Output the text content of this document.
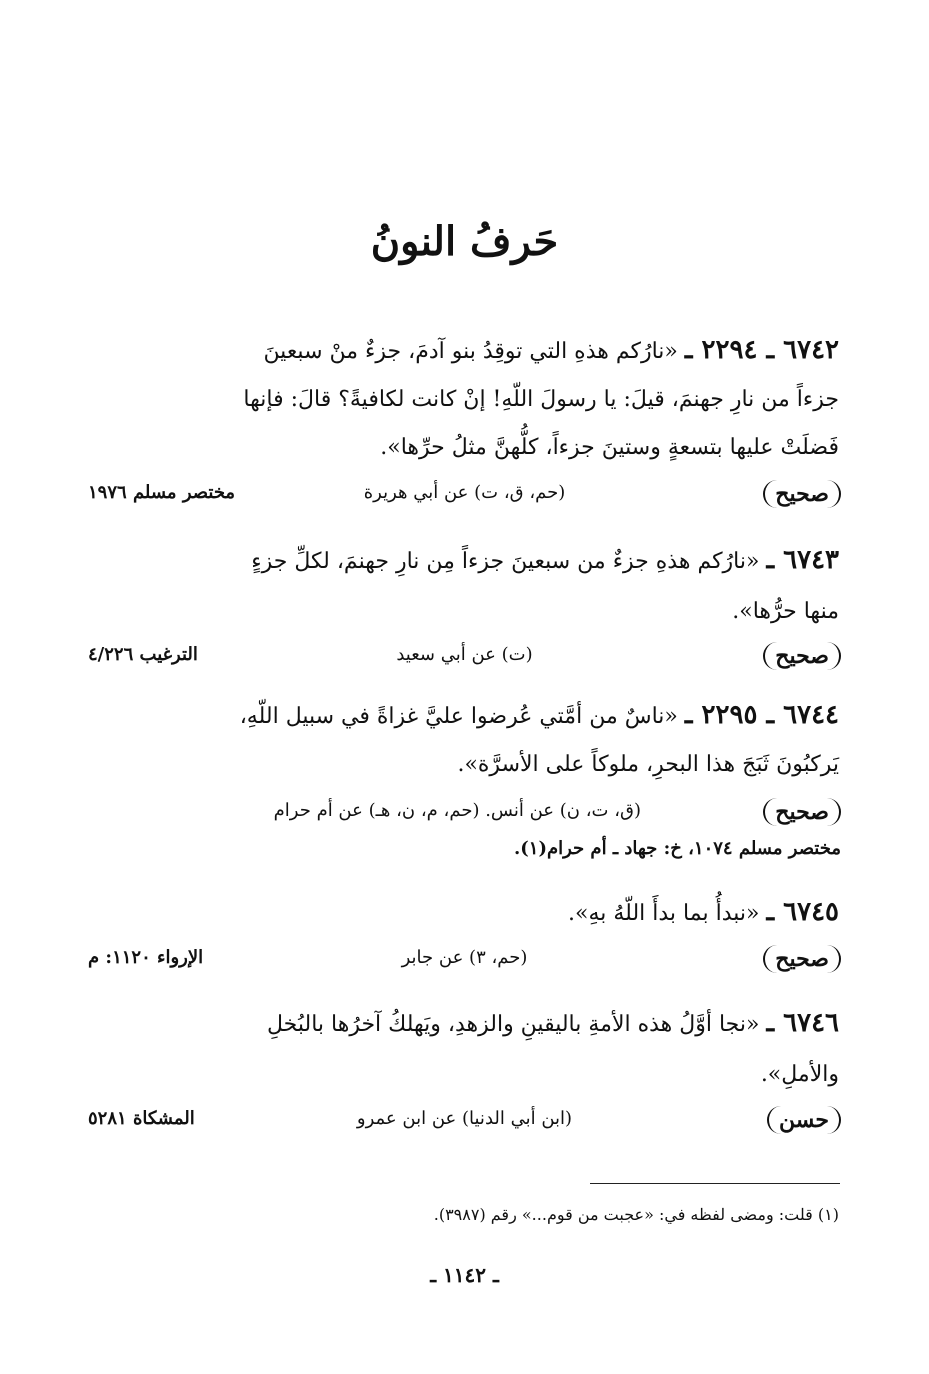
حَرفُ النونُ
٦٧٤٢ ـ ٢٢٩٤ ـ «نارُكم هذهِ التي توقِدُ بنو آدمَ، جزءٌ منْ سبعينَ
جزءاً من نارِ جهنمَ، قيلَ: يا رسولَ اللّهِ! إنْ كانت لكافيةً؟ قالَ: فإنها
فَضلَتْ عليها بتسعةٍ وستينَ جزءاً، كلُّهنَّ مثلُ حرِّها».
صحيح
(حم، ق، ت) عن أبي هريرة
مختصر مسلم ١٩٧٦
٦٧٤٣ ـ «نارُكم هذهِ جزءٌ من سبعينَ جزءاً مِن نارِ جهنمَ، لكلِّ جزءٍ
منها حرُّها».
صحيح
(ت) عن أبي سعيد
الترغيب ٤/٢٢٦
٦٧٤٤ ـ ٢٢٩٥ ـ «ناسٌ من أمَّتي عُرضوا عليَّ غزاةً في سبيل اللّهِ،
يَركبُونَ ثَبَجَ هذا البحرِ، ملوكاً على الأسرَّة».
صحيح
(ق، ت، ن) عن أنس. (حم، م، ن، هـ) عن أم حرام
مختصر مسلم ١٠٧٤، خ: جهاد ـ أم حرام(١).
٦٧٤٥ ـ «نبدأُ بما بدأَ اللّهُ بهِ».
صحيح
(حم، ٣) عن جابر
الإرواء ١١٢٠: م
٦٧٤٦ ـ «نجا أوَّلُ هذه الأمةِ باليقينِ والزهدِ، ويَهلكُ آخرُها بالبُخلِ
والأملِ».
حسن
(ابن أبي الدنيا) عن ابن عمرو
المشكاة ٥٢٨١
(١) قلت: ومضى لفظه في: «عجبت من قوم...» رقم (٣٩٨٧).
ـ ١١٤٢ ـ
